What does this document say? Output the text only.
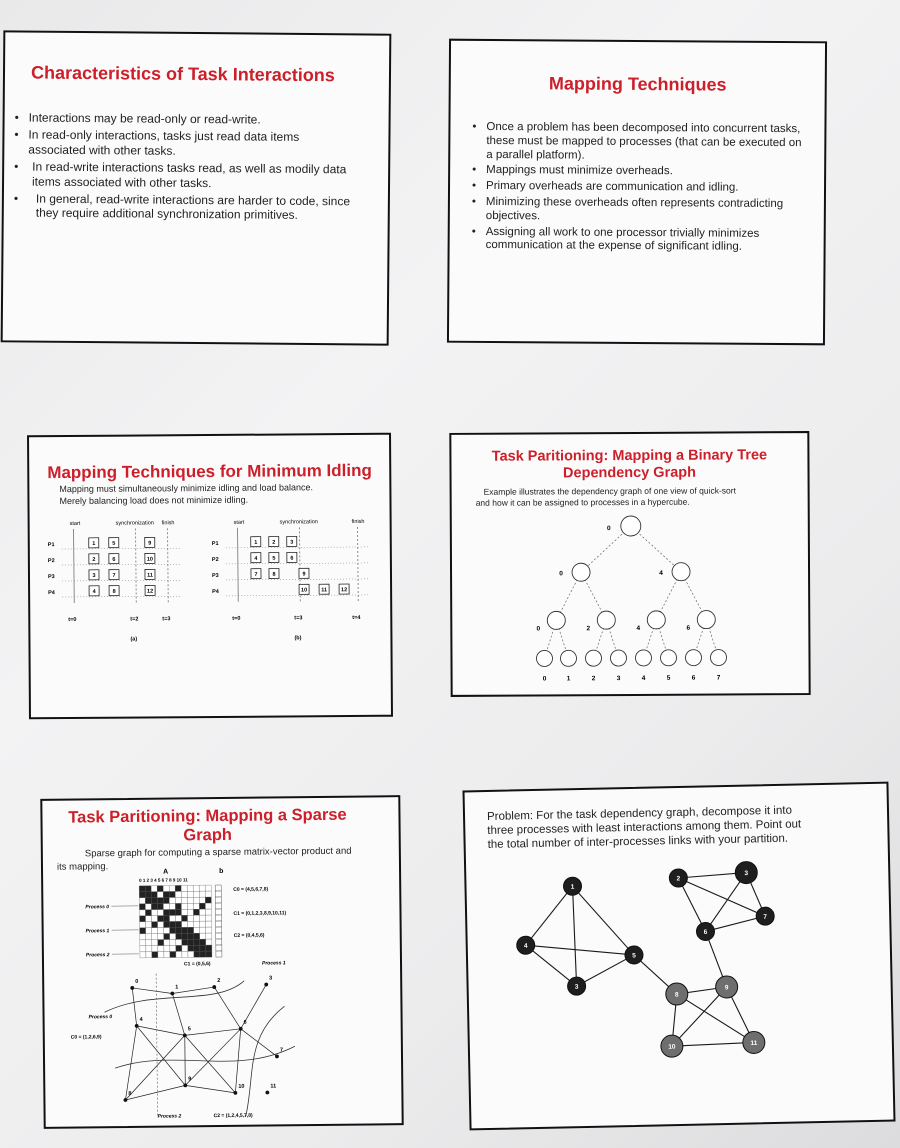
Characteristics of Task Interactions
• Interactions may be read-only or read-write.
• In read-only interactions, tasks just read data items associated with other tasks.
• In read-write interactions tasks read, as well as modily data items associated with other tasks.
• In general, read-write interactions are harder to code, since they require additional synchronization primitives.
Mapping Techniques
• Once a problem has been decomposed into concurrent tasks, these must be mapped to processes (that can be executed on a parallel platform).
• Mappings must minimize overheads.
• Primary overheads are communication and idling.
• Minimizing these overheads often represents contradicting objectives.
• Assigning all work to one processor trivially minimizes communication at the expense of significant idling.
Mapping Techniques for Minimum Idling
Mapping must simultaneously minimize idling and load balance.
Merely balancing load does not minimize idling.
start	synchronization finish
P1	1	5	9
P2	2	6	10
P3	3	7	11
P4	4	8	12
t=0	t=2	t=3
(a)
start	synchronization	finish
P1	1	2	3
P2	4	5	6
P3	7	8	9
P4	10	11	12
t=0	t=3	t=4
(b)
Task Paritioning: Mapping a Binary Tree Dependency Graph
Example illustrates the dependency graph of one view of quick-sort
and how it can be assigned to processes in a hypercube.
0
0	4
0	2	4	6
0	1	2	3	4	5	6	7
Task Paritioning: Mapping a Sparse Graph
Sparse graph for computing a sparse matrix-vector product and
its mapping.	A	b
0 1 2 3 4 5 6 7 8 9 10 11
Process 0
Process 1
Process 2
C0 = (4,5,6,7,8)
C1 = (0,1,2,3,8,9,10,11)
C2 = (0,4,5,6)
C1 = (0,5,6)	Process 1
Process 0
C0 = (1,2,6,9)
Process 2	C2 = (1,2,4,5,7,8)
0
1
2	3
4
5
6
7
8
9
10	11
Problem: For the task dependency graph, decompose it into
three processes with least interactions among them. Point out
the total number of inter-processes links with your partition.
1
2
3
4
5
6
7
8
9
10
11
3
